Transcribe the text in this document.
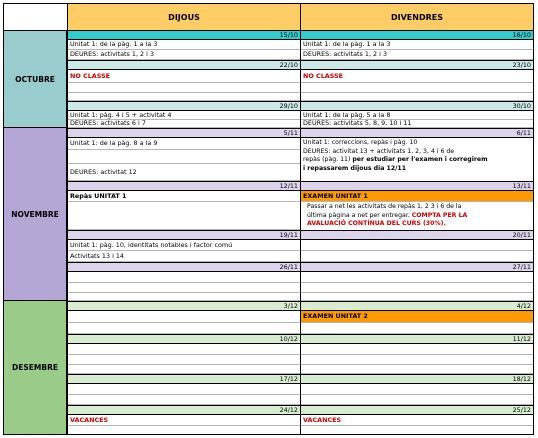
DIJOUS	DIVENDRES
OCTUBRE
NOVEMBRE
DESEMBRE
15/10
Unitat 1: de la pàg. 1 a la 3
DEURES: activitats 1, 2 i 3
22/10
NO CLASSE
29/10
Unitat 1: pàg. 4 i 5 + activitat 4
DEURES: activitats 6 i 7
5/11
Unitat 1: de la pàg. 8 a la 9
DEURES: activitat 12
12/11
Repàs UNITAT 1
19/11
Unitat 1: pàg. 10, identitats notables i factor comú
Activitats 13 i 14
26/11
3/12
10/12
17/12
24/12
VACANCES
16/10
Unitat 1: de la pàg. 1 a la 3
DEURES: activitats 1, 2 i 3
23/10
NO CLASSE
30/10
Unitat 1: de la pàg. 5 a la 8
DEURES: activitats 5, 8, 9, 10 i 11
6/11
Unitat 1: correccions, repàs i pàg. 10
DEURES: activitat 13 + activitats 1, 2, 3, 4 i 6 de
repàs (pàg. 11) per estudiar per l'examen i corregirem
i repassarem dijous dia 12/11
13/11
EXAMEN UNITAT 1
Passar a net les activitats de repàs 1, 2 3 i 6 de la
última pàgina a net per entregar. COMPTA PER LA
AVALUACIÓ CONTÍNUA DEL CURS (30%).
20/11
27/11
4/12
EXAMEN UNITAT 2
11/12
18/12
25/12
VACANCES
